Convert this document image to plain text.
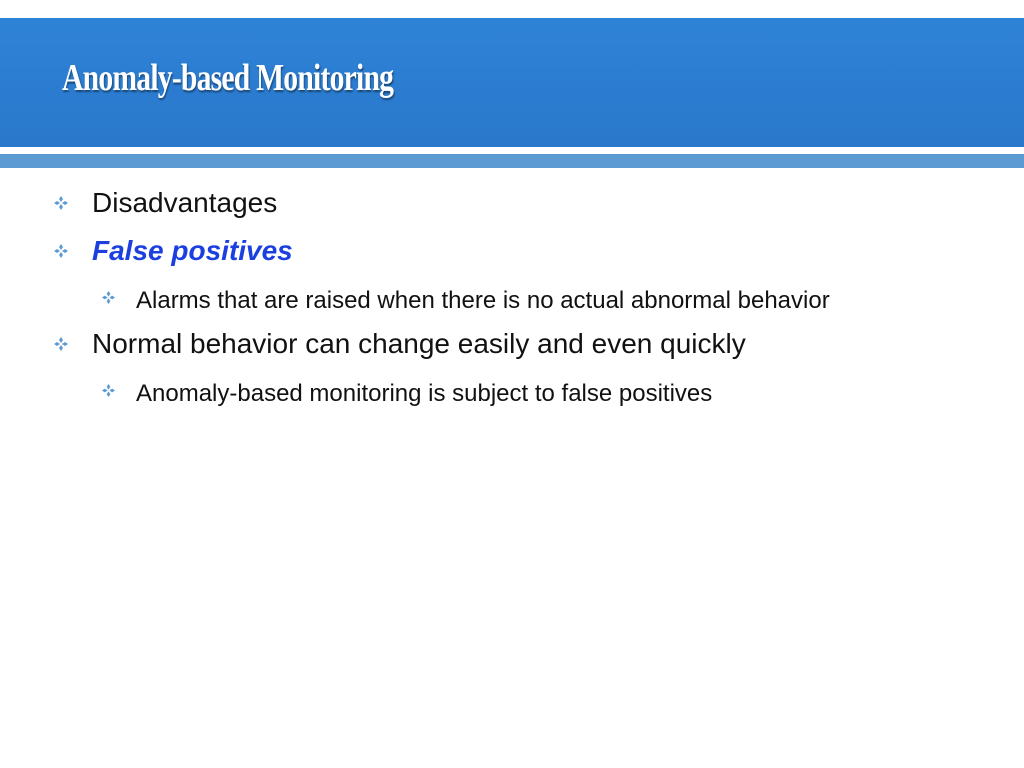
Anomaly-based Monitoring
Disadvantages
False positives
Alarms that are raised when there is no actual abnormal behavior
Normal behavior can change easily and even quickly
Anomaly-based monitoring is subject to false positives
